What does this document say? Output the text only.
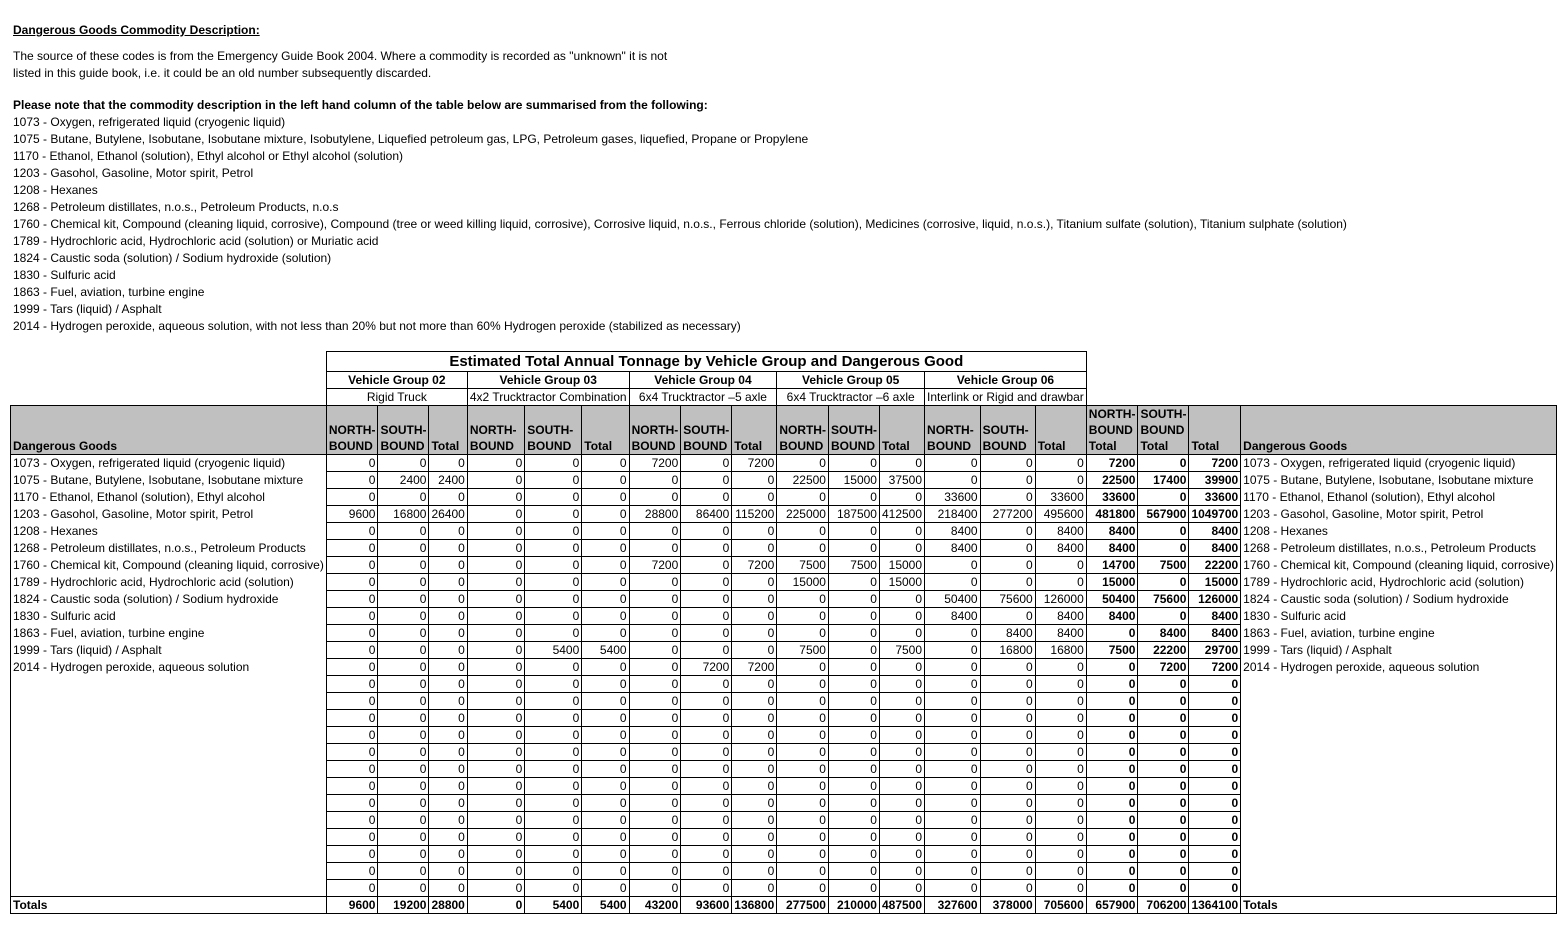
Dangerous Goods Commodity Description:
The source of these codes is from the Emergency Guide Book 2004. Where a commodity is recorded as "unknown" it is not
listed in this guide book, i.e. it could be an old number subsequently discarded.
Please note that the commodity description in the left hand column of the table below are summarised from the following:
1073 - Oxygen, refrigerated liquid (cryogenic liquid)
1075 - Butane, Butylene, Isobutane, Isobutane mixture, Isobutylene, Liquefied petroleum gas, LPG, Petroleum gases, liquefied, Propane or Propylene
1170 - Ethanol, Ethanol (solution), Ethyl alcohol or Ethyl alcohol (solution)
1203 - Gasohol, Gasoline, Motor spirit, Petrol
1208 - Hexanes
1268 - Petroleum distillates, n.o.s., Petroleum Products, n.o.s
1760 - Chemical kit, Compound (cleaning liquid, corrosive), Compound (tree or weed killing liquid, corrosive), Corrosive liquid, n.o.s., Ferrous chloride (solution), Medicines (corrosive, liquid, n.o.s.), Titanium sulfate (solution), Titanium sulphate (solution)
1789 - Hydrochloric acid, Hydrochloric acid (solution) or Muriatic acid
1824 - Caustic soda (solution) / Sodium hydroxide (solution)
1830 - Sulfuric acid
1863 - Fuel, aviation, turbine engine
1999 - Tars (liquid) / Asphalt
2014 - Hydrogen peroxide, aqueous solution, with not less than 20% but not more than 60% Hydrogen peroxide (stabilized as necessary)
	Estimated Total Annual Tonnage by Vehicle Group and Dangerous Good																		
	Vehicle Group 02			Vehicle Group 03			Vehicle Group 04			Vehicle Group 05			Vehicle Group 06						
	Rigid Truck			4x2 Trucktractor Combination			6x4 Trucktractor –5 axle			6x4 Trucktractor –6 axle			Interlink or Rigid and drawbar						
Dangerous Goods	NORTH-BOUND	SOUTH-BOUND	Total	NORTH-BOUND	SOUTH-BOUND	Total	NORTH-BOUND	SOUTH-BOUND	Total	NORTH-BOUND	SOUTH-BOUND	Total	NORTH-BOUND	SOUTH-BOUND	Total	NORTH-BOUND Total	SOUTH-BOUND Total	Total	Dangerous Goods
1073 - Oxygen, refrigerated liquid (cryogenic liquid)	0	0	0	0	0	0	7200	0	7200	0	0	0	0	0	0	7200	0	7200	1073 - Oxygen, refrigerated liquid (cryogenic liquid)
1075 - Butane, Butylene, Isobutane, Isobutane mixture	0	2400	2400	0	0	0	0	0	0	22500	15000	37500	0	0	0	22500	17400	39900	1075 - Butane, Butylene, Isobutane, Isobutane mixture
1170 - Ethanol, Ethanol (solution), Ethyl alcohol	0	0	0	0	0	0	0	0	0	0	0	0	33600	0	33600	33600	0	33600	1170 - Ethanol, Ethanol (solution), Ethyl alcohol
1203 - Gasohol, Gasoline, Motor spirit, Petrol	9600	16800	26400	0	0	0	28800	86400	115200	225000	187500	412500	218400	277200	495600	481800	567900	1049700	1203 - Gasohol, Gasoline, Motor spirit, Petrol
1208 - Hexanes	0	0	0	0	0	0	0	0	0	0	0	0	8400	0	8400	8400	0	8400	1208 - Hexanes
1268 - Petroleum distillates, n.o.s., Petroleum Products	0	0	0	0	0	0	0	0	0	0	0	0	8400	0	8400	8400	0	8400	1268 - Petroleum distillates, n.o.s., Petroleum Products
1760 - Chemical kit, Compound (cleaning liquid, corrosive)	0	0	0	0	0	0	7200	0	7200	7500	7500	15000	0	0	0	14700	7500	22200	1760 - Chemical kit, Compound (cleaning liquid, corrosive)
1789 - Hydrochloric acid, Hydrochloric acid (solution)	0	0	0	0	0	0	0	0	0	15000	0	15000	0	0	0	15000	0	15000	1789 - Hydrochloric acid, Hydrochloric acid (solution)
1824 - Caustic soda (solution) / Sodium hydroxide	0	0	0	0	0	0	0	0	0	0	0	0	50400	75600	126000	50400	75600	126000	1824 - Caustic soda (solution) / Sodium hydroxide
1830 - Sulfuric acid	0	0	0	0	0	0	0	0	0	0	0	0	8400	0	8400	8400	0	8400	1830 - Sulfuric acid
1863 - Fuel, aviation, turbine engine	0	0	0	0	0	0	0	0	0	0	0	0	0	8400	8400	0	8400	8400	1863 - Fuel, aviation, turbine engine
1999 - Tars (liquid) / Asphalt	0	0	0	0	5400	5400	0	0	0	7500	0	7500	0	16800	16800	7500	22200	29700	1999 - Tars (liquid) / Asphalt
2014 - Hydrogen peroxide, aqueous solution	0	0	0	0	0	0	0	7200	7200	0	0	0	0	0	0	0	7200	7200	2014 - Hydrogen peroxide, aqueous solution
	0	0	0	0	0	0	0	0	0	0	0	0	0	0	0	0	0	0	
	0	0	0	0	0	0	0	0	0	0	0	0	0	0	0	0	0	0	
	0	0	0	0	0	0	0	0	0	0	0	0	0	0	0	0	0	0	
	0	0	0	0	0	0	0	0	0	0	0	0	0	0	0	0	0	0	
	0	0	0	0	0	0	0	0	0	0	0	0	0	0	0	0	0	0	
	0	0	0	0	0	0	0	0	0	0	0	0	0	0	0	0	0	0	
	0	0	0	0	0	0	0	0	0	0	0	0	0	0	0	0	0	0	
	0	0	0	0	0	0	0	0	0	0	0	0	0	0	0	0	0	0	
	0	0	0	0	0	0	0	0	0	0	0	0	0	0	0	0	0	0	
	0	0	0	0	0	0	0	0	0	0	0	0	0	0	0	0	0	0	
	0	0	0	0	0	0	0	0	0	0	0	0	0	0	0	0	0	0	
	0	0	0	0	0	0	0	0	0	0	0	0	0	0	0	0	0	0	
	0	0	0	0	0	0	0	0	0	0	0	0	0	0	0	0	0	0	
Totals	9600	19200	28800	0	5400	5400	43200	93600	136800	277500	210000	487500	327600	378000	705600	657900	706200	1364100	Totals
